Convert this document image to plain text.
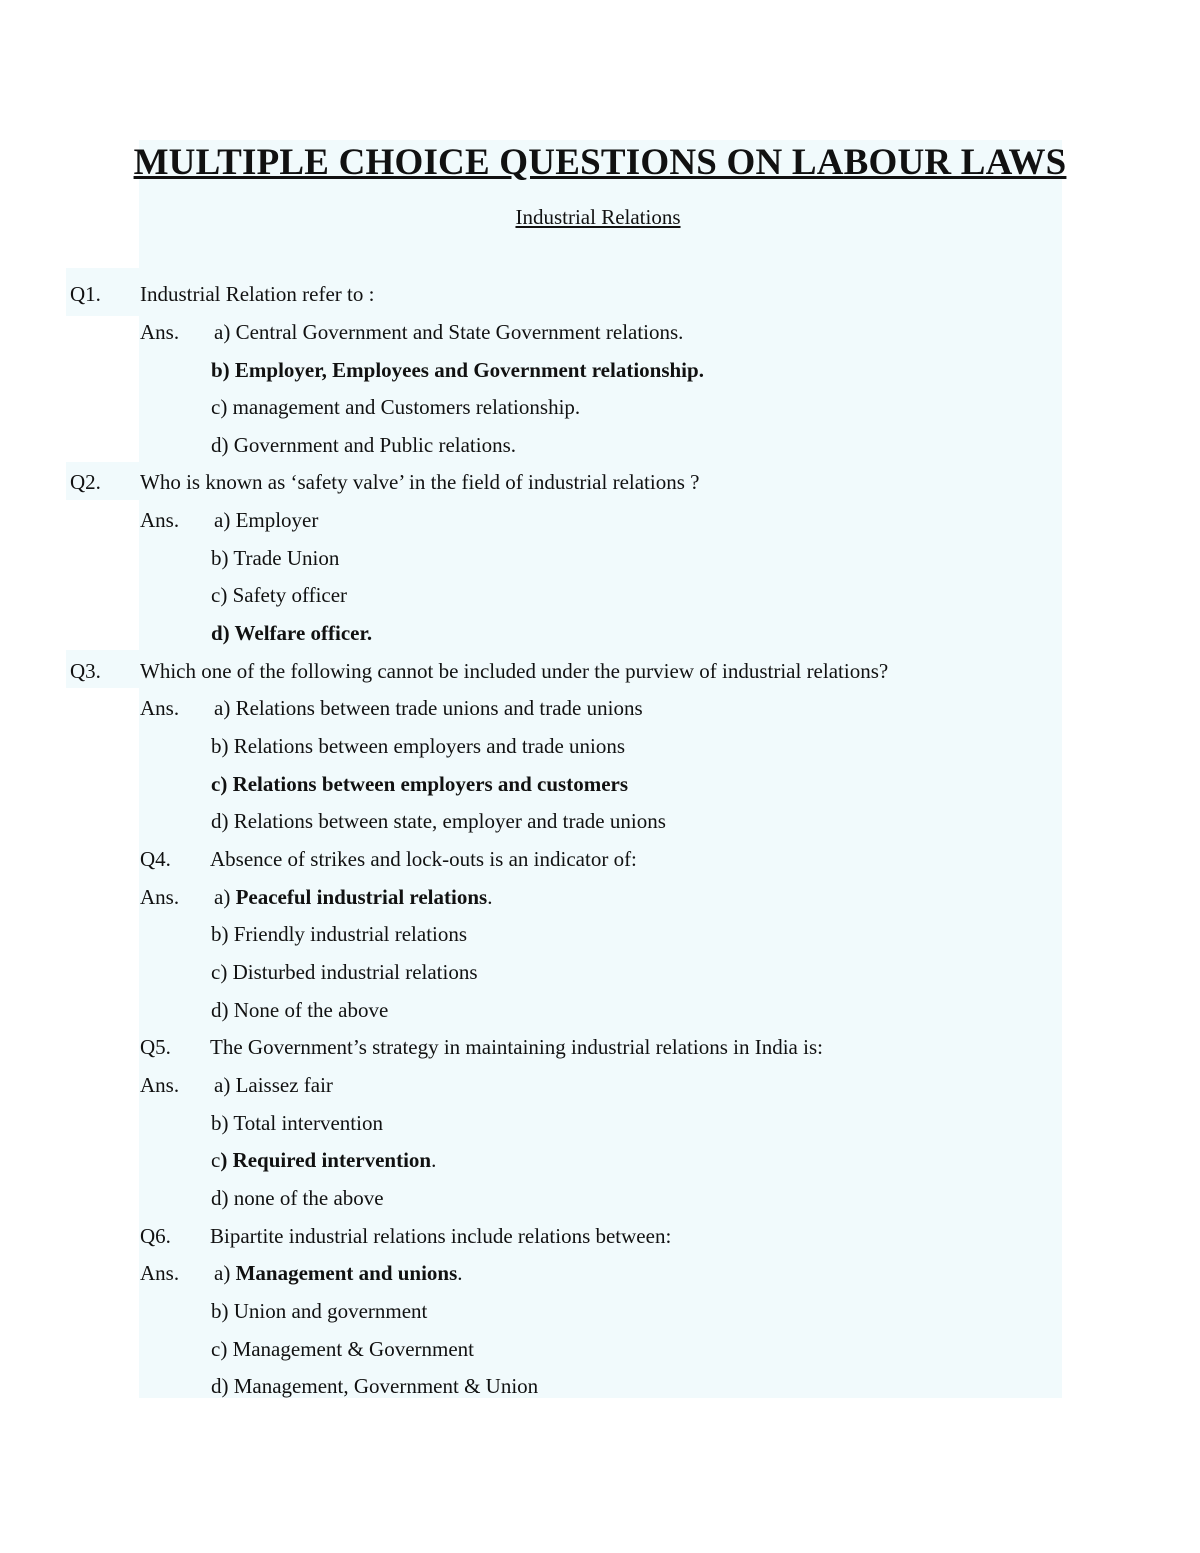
MULTIPLE CHOICE QUESTIONS ON LABOUR LAWS
Industrial Relations
Q1. Industrial Relation refer to :
Ans. a) Central Government and State Government relations.
b) Employer, Employees and Government relationship.
c) management and Customers relationship.
d) Government and Public relations.
Q2. Who is known as ‘safety valve’ in the field of industrial relations ?
Ans. a) Employer
b) Trade Union
c) Safety officer
d) Welfare officer.
Q3. Which one of the following cannot be included under the purview of industrial relations?
Ans. a) Relations between trade unions and trade unions
b) Relations between employers and trade unions
c) Relations between employers and customers
d) Relations between state, employer and trade unions
Q4. Absence of strikes and lock-outs is an indicator of:
Ans. a) Peaceful industrial relations.
b) Friendly industrial relations
c) Disturbed industrial relations
d) None of the above
Q5. The Government’s strategy in maintaining industrial relations in India is:
Ans. a) Laissez fair
b) Total intervention
c) Required intervention.
d) none of the above
Q6. Bipartite industrial relations include relations between:
Ans. a) Management and unions.
b) Union and government
c) Management & Government
d) Management, Government & Union
